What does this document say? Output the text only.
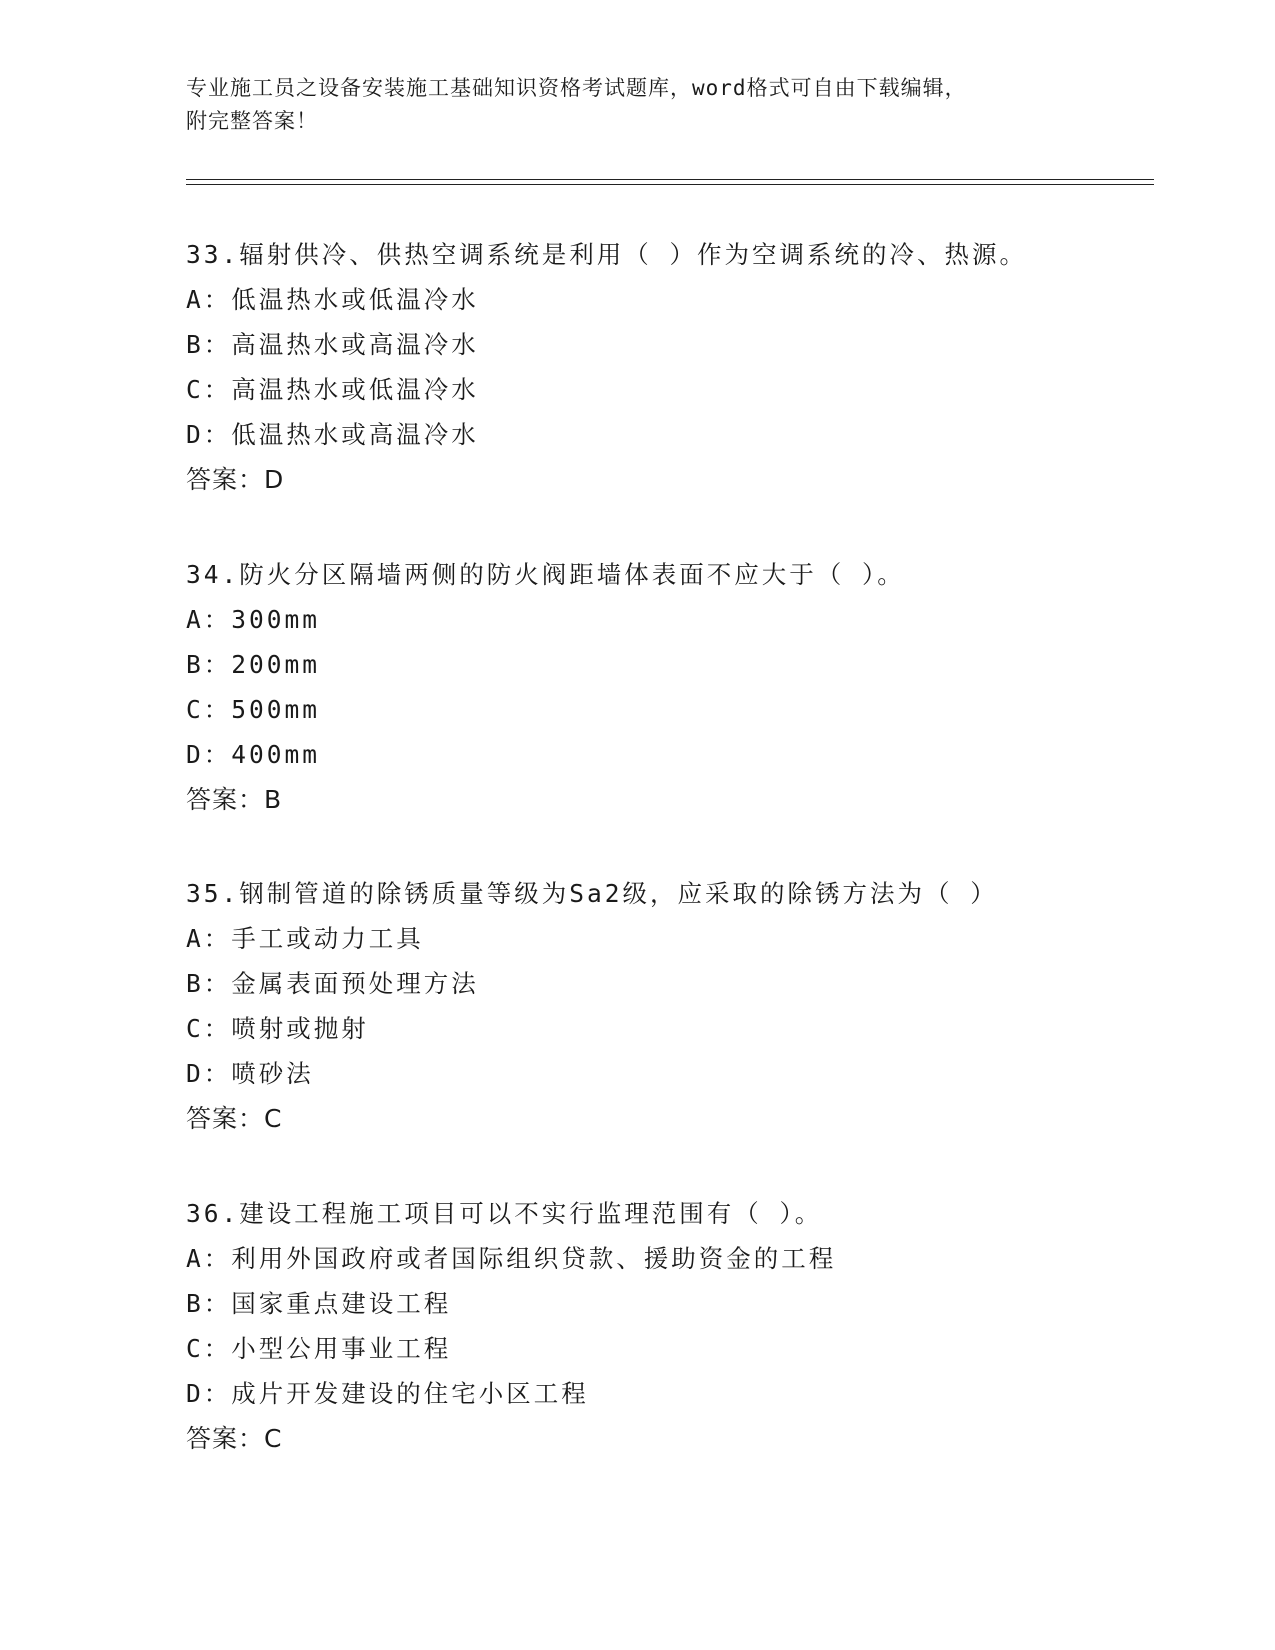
专业施工员之设备安装施工基础知识资格考试题库，word格式可自由下载编辑，
附完整答案！
33.辐射供冷、供热空调系统是利用（ ）作为空调系统的冷、热源。
A：低温热水或低温冷水
B：高温热水或高温冷水
C：高温热水或低温冷水
D：低温热水或高温冷水
答案：D
34.防火分区隔墙两侧的防火阀距墙体表面不应大于（ ）。
A：300mm
B：200mm
C：500mm
D：400mm
答案：B
35.钢制管道的除锈质量等级为Sa2级，应采取的除锈方法为（ ）
A：手工或动力工具
B：金属表面预处理方法
C：喷射或抛射
D：喷砂法
答案：C
36.建设工程施工项目可以不实行监理范围有（ ）。
A：利用外国政府或者国际组织贷款、援助资金的工程
B：国家重点建设工程
C：小型公用事业工程
D：成片开发建设的住宅小区工程
答案：C
